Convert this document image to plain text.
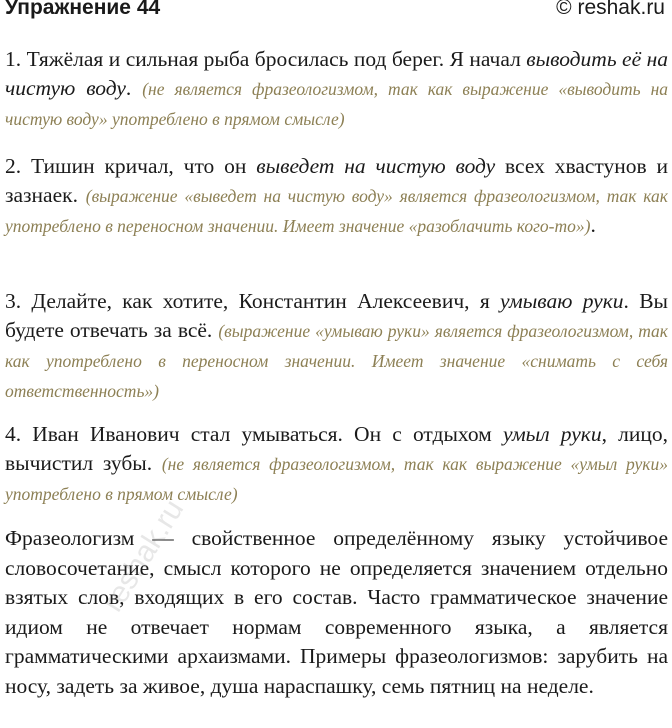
Упражнение 44	© reshak.ru

1. Тяжёлая и сильная рыба бросилась под берег. Я начал выводить её на чистую воду. (не является фразеологизмом, так как выражение «выводить на чистую воду» употреблено в прямом смысле)

2. Тишин кричал, что он выведет на чистую воду всех хвастунов и зазнаек. (выражение «выведет на чистую воду» является фразеологизмом, так как употреблено в переносном значении. Имеет значение «разоблачить кого-то»).

3. Делайте, как хотите, Константин Алексеевич, я умываю руки. Вы будете отвечать за всё. (выражение «умываю руки» является фразеологизмом, так как употреблено в переносном значении. Имеет значение «снимать с себя ответственность»)

4. Иван Иванович стал умываться. Он с отдыхом умыл руки, лицо, вычистил зубы. (не является фразеологизмом, так как выражение «умыл руки» употреблено в прямом смысле)

Фразеологизм — свойственное определённому языку устойчивое словосочетание, смысл которого не определяется значением отдельно взятых слов, входящих в его состав. Часто грамматическое значение идиом не отвечает нормам современного языка, а является грамматическими архаизмами. Примеры фразеологизмов: зарубить на носу, задеть за живое, душа нараспашку, семь пятниц на неделе.

reshak.ru
